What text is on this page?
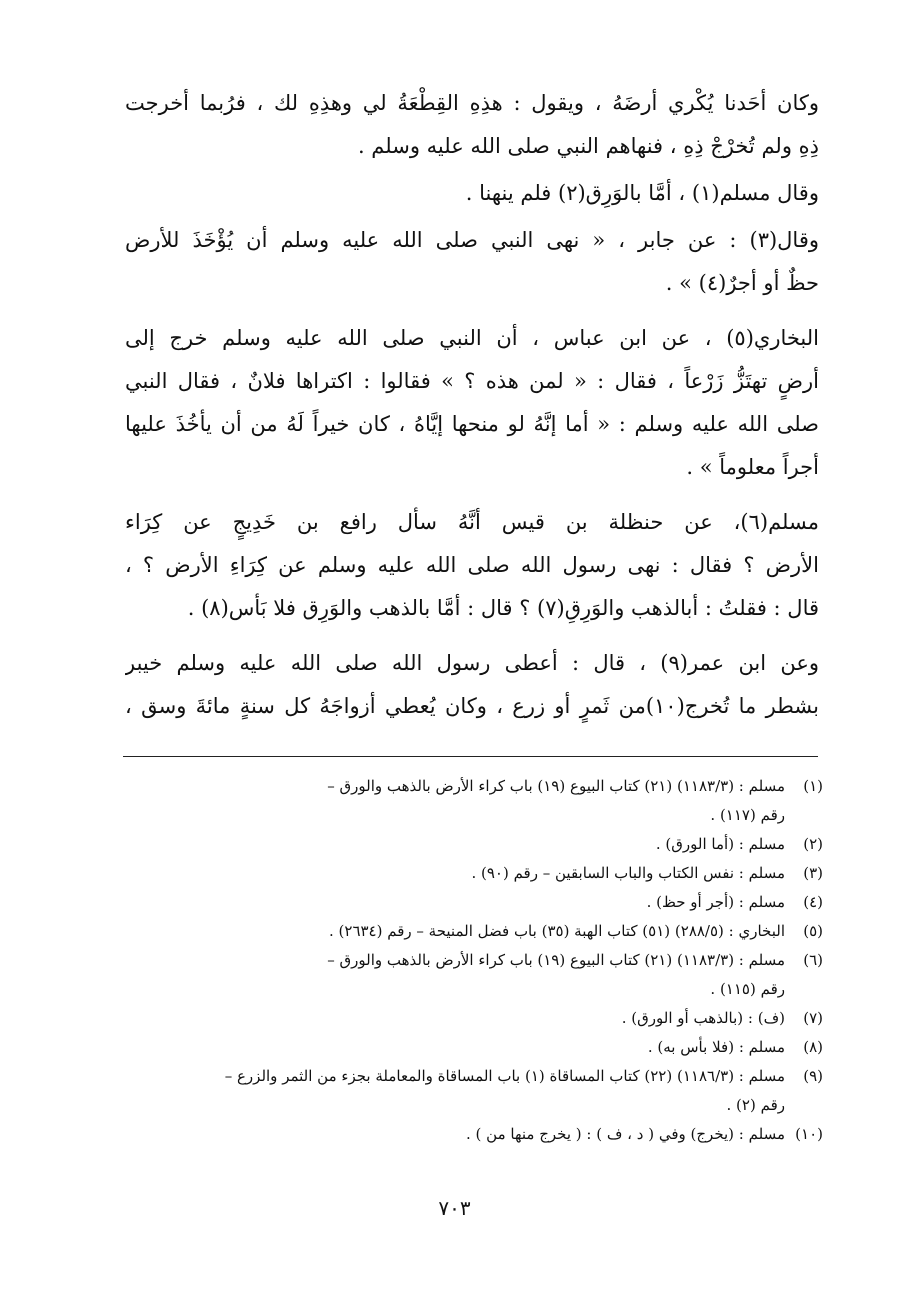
وكان أحَدنا يُكْري أرضَهُ ، ويقول : هذِهِ القِطْعَةُ لي وهذِهِ لك ، فرُبما أخرجت
ذِهِ ولم تُخرْجْ ذِهِ ، فنهاهم النبي صلى الله عليه وسلم .

وقال مسلم(١) ، أمَّا بالوَرِق(٢) فلم ينهنا .

وقال(٣) : عن جابر ، « نهى النبي صلى الله عليه وسلم أن يُؤْخَذَ للأرض
حظٌ أو أجرٌ(٤) » .

البخاري(٥) ، عن ابن عباس ، أن النبي صلى الله عليه وسلم خرج إلى
أرضٍ تهتَزُّ زَرْعاً ، فقال : « لمن هذه ؟ » فقالوا : اكتراها فلانٌ ، فقال النبي
صلى الله عليه وسلم : « أما إنَّهُ لو منحها إيَّاهُ ، كان خيراً لَهُ من أن يأخُذَ عليها
أجراً معلوماً » .

مسلم(٦)، عن حنظلة بن قيس أنَّهُ سأل رافع بن خَدِيجٍ عن كِرَاء
الأرض ؟ فقال : نهى رسول الله صلى الله عليه وسلم عن كِرَاءِ الأرض ؟ ،
قال : فقلتُ : أبالذهب والوَرِقِ(٧) ؟ قال : أمَّا بالذهب والوَرِق فلا بَأس(٨) .

وعن ابن عمر(٩) ، قال : أعطى رسول الله صلى الله عليه وسلم خيبر
بشطر ما تُخرج(١٠)من ثَمرٍ أو زرع ، وكان يُعطي أزواجَهُ كل سنةٍ مائةَ وسق ،

(١)
مسلم : (١١٨٣/٣) (٢١) كتاب البيوع (١٩) باب كراء الأرض بالذهب والورق –
رقم (١١٧) .
(٢)
مسلم : (أما الورق) .
(٣)
مسلم : نفس الكتاب والباب السابقين – رقم (٩٠) .
(٤)
مسلم : (أجر أو حظ) .
(٥)
البخاري : (٢٨٨/٥) (٥١) كتاب الهبة (٣٥) باب فضل المنيحة – رقم (٢٦٣٤) .
(٦)
مسلم : (١١٨٣/٣) (٢١) كتاب البيوع (١٩) باب كراء الأرض بالذهب والورق –
رقم (١١٥) .
(٧)
(ف) : (بالذهب أو الورق) .
(٨)
مسلم : (فلا بأس به) .
(٩)
مسلم : (١١٨٦/٣) (٢٢) كتاب المساقاة (١) باب المساقاة والمعاملة بجزء من الثمر والزرع –
رقم (٢) .
(١٠)
مسلم : (يخرج) وفي ( د ، ف ) : ( يخرج منها من ) .
٧٠٣
